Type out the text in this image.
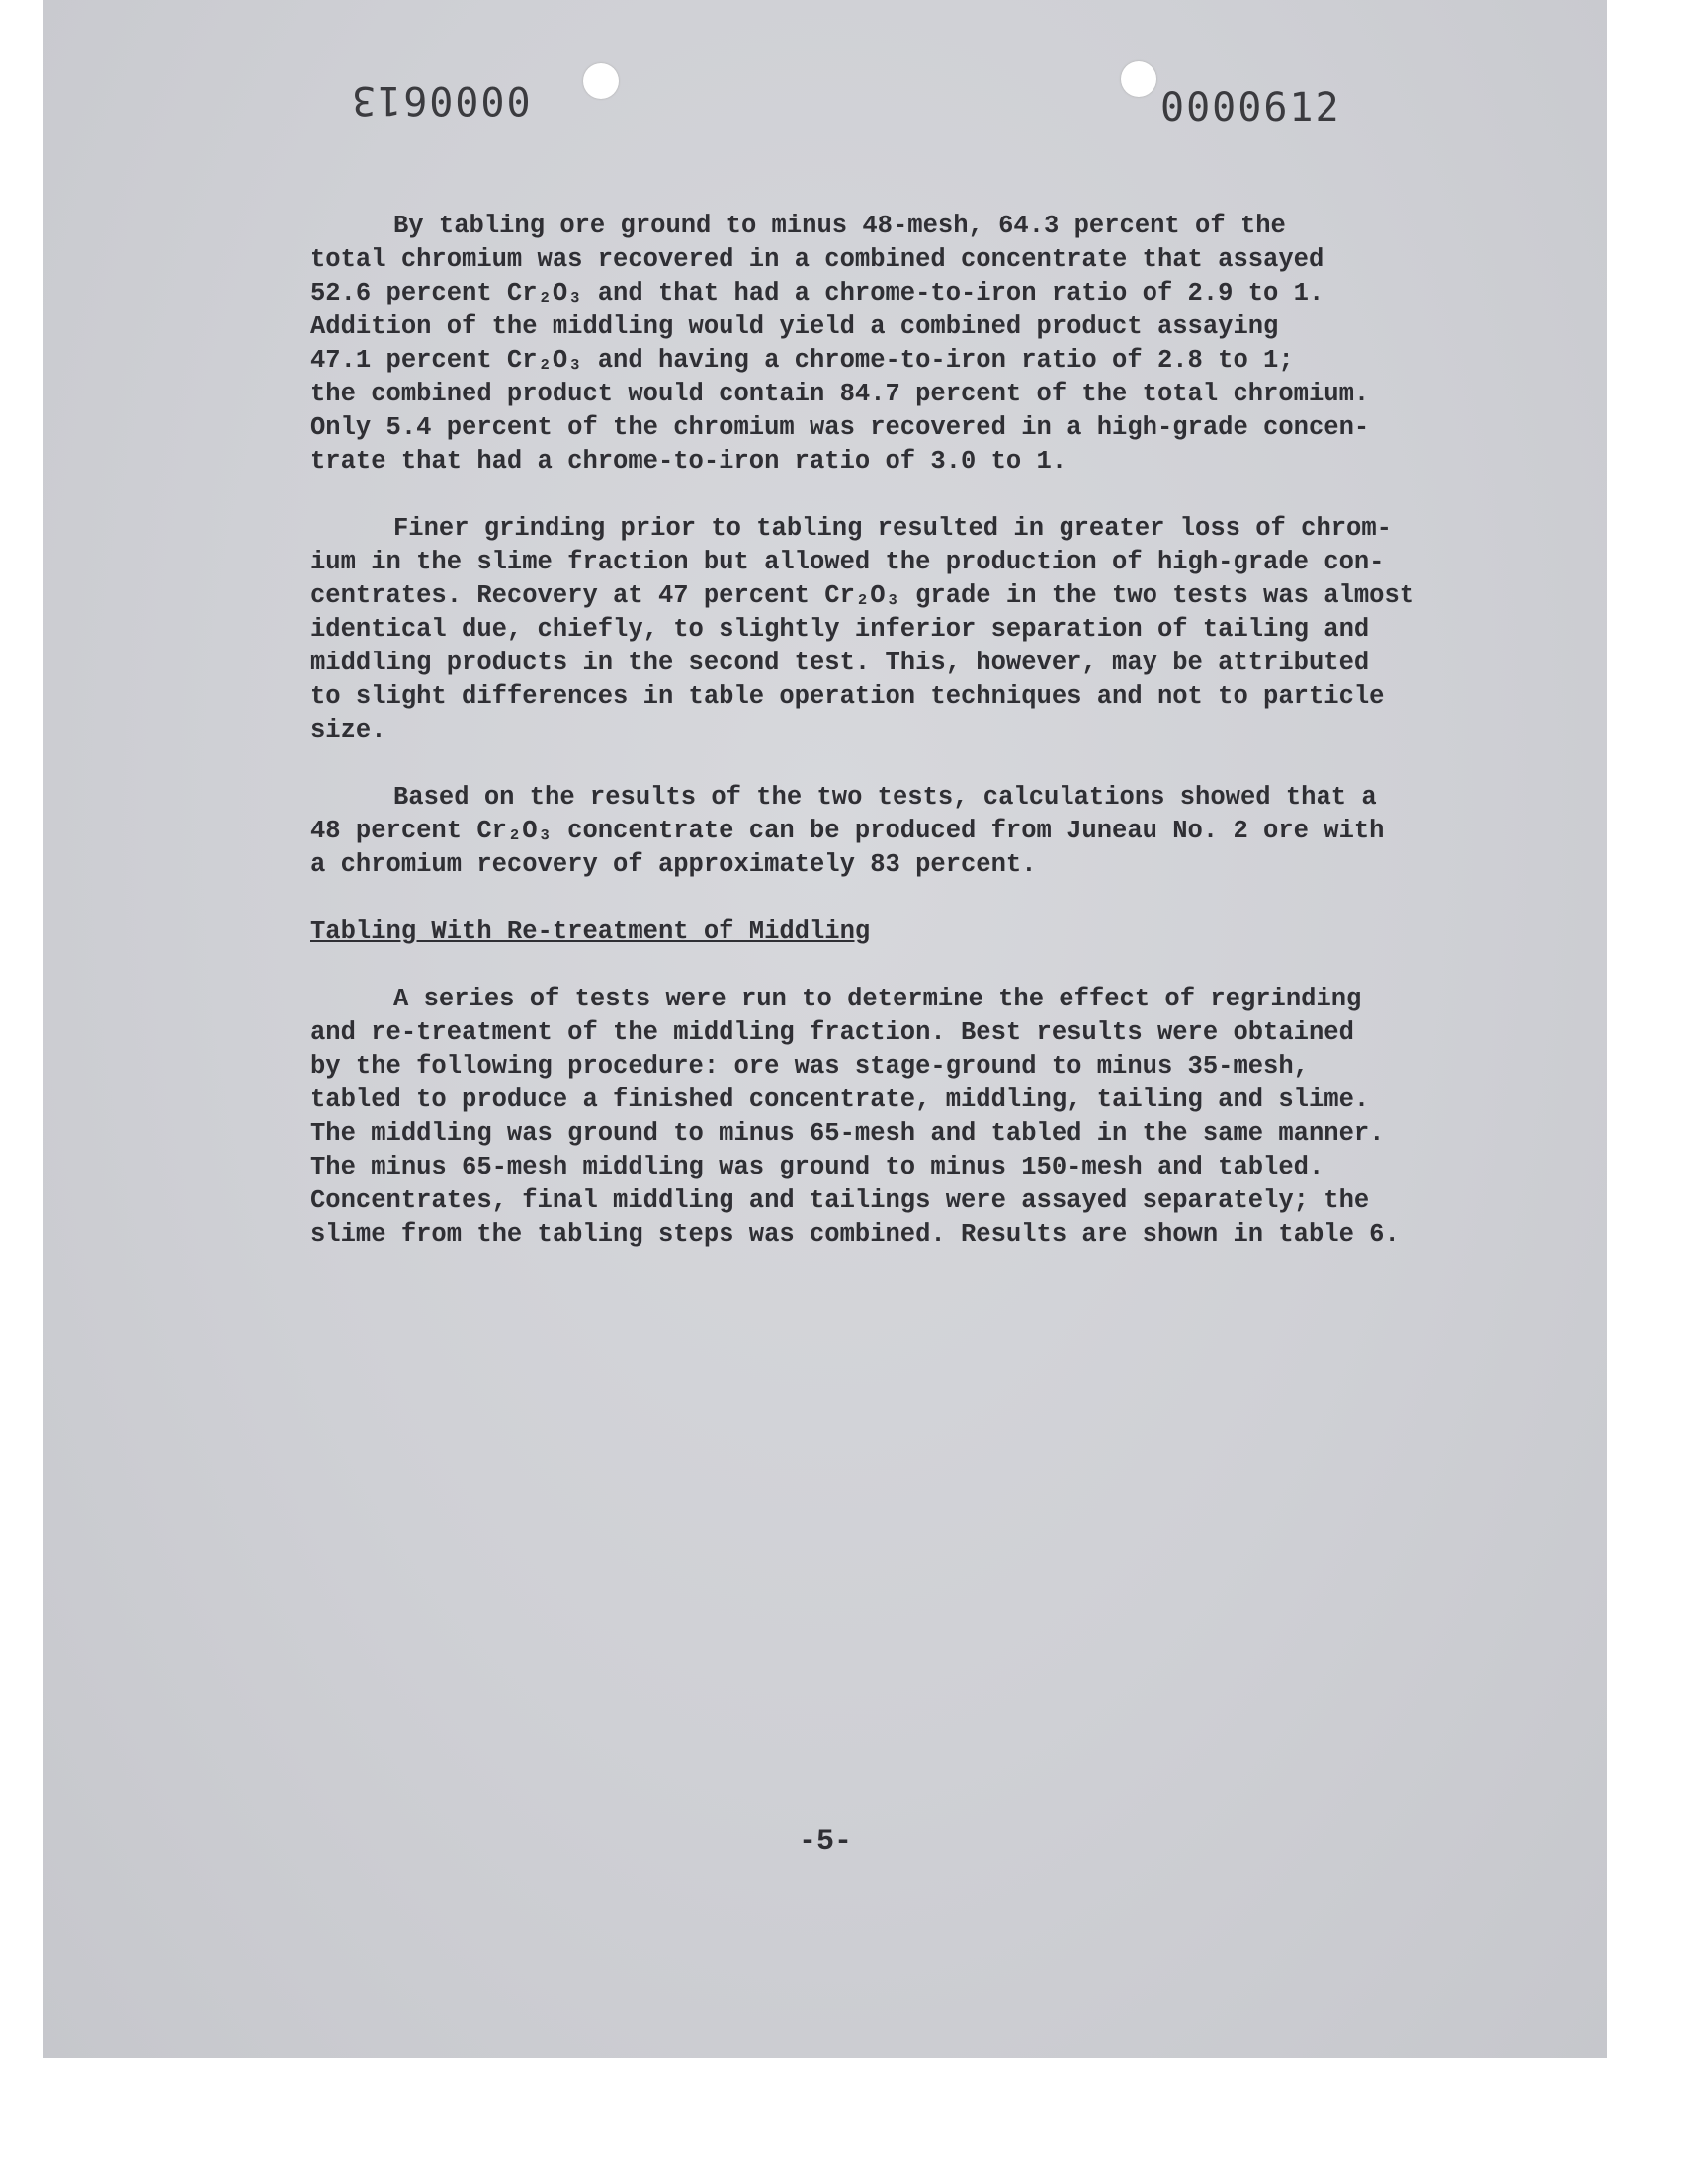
0000613	0000612

By tabling ore ground to minus 48-mesh, 64.3 percent of the
total chromium was recovered in a combined concentrate that assayed
52.6 percent Cr₂O₃ and that had a chrome-to-iron ratio of 2.9 to 1.
Addition of the middling would yield a combined product assaying
47.1 percent Cr₂O₃ and having a chrome-to-iron ratio of 2.8 to 1;
the combined product would contain 84.7 percent of the total chromium.
Only 5.4 percent of the chromium was recovered in a high-grade concen-
trate that had a chrome-to-iron ratio of 3.0 to 1.

Finer grinding prior to tabling resulted in greater loss of chrom-
ium in the slime fraction but allowed the production of high-grade con-
centrates. Recovery at 47 percent Cr₂O₃ grade in the two tests was almost
identical due, chiefly, to slightly inferior separation of tailing and
middling products in the second test. This, however, may be attributed
to slight differences in table operation techniques and not to particle
size.

Based on the results of the two tests, calculations showed that a
48 percent Cr₂O₃ concentrate can be produced from Juneau No. 2 ore with
a chromium recovery of approximately 83 percent.

Tabling With Re-treatment of Middling

A series of tests were run to determine the effect of regrinding
and re-treatment of the middling fraction. Best results were obtained
by the following procedure: ore was stage-ground to minus 35-mesh,
tabled to produce a finished concentrate, middling, tailing and slime.
The middling was ground to minus 65-mesh and tabled in the same manner.
The minus 65-mesh middling was ground to minus 150-mesh and tabled.
Concentrates, final middling and tailings were assayed separately; the
slime from the tabling steps was combined. Results are shown in table 6.

-5-
